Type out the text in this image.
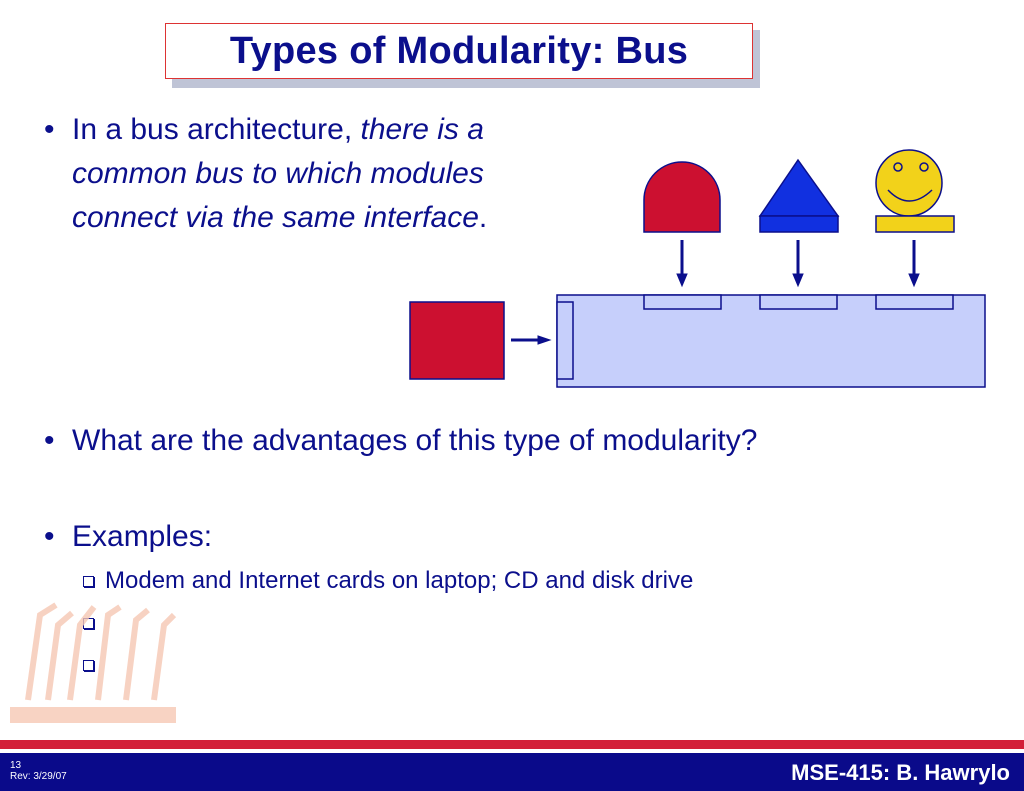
Types of Modularity: Bus
• In a bus architecture, there is a
common bus to which modules
connect via the same interface.
• What are the advantages of this type of modularity?
• Examples:
Modem and Internet cards on laptop; CD and disk drive
13
Rev: 3/29/07	MSE-415: B. Hawrylo
